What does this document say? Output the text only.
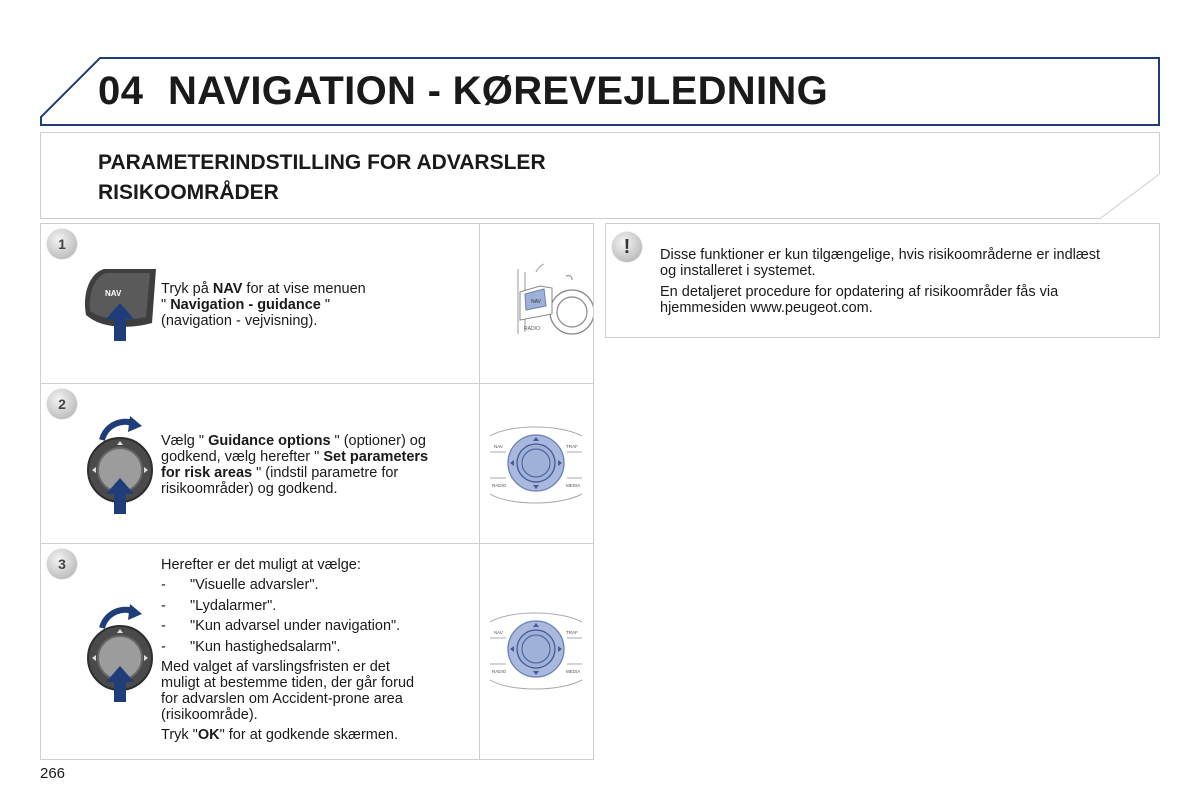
04 NAVIGATION - KØREVEJLEDNING
PARAMETERINDSTILLING FOR ADVARSLER
RISIKOOMRÅDER
NAV
RADIO
1
NAV	Tryk på NAV for at vise menuen
" Navigation - guidance "
(navigation - vejvisning).
NAV	TRAF
RADIO	MEDIA
2
Vælg " Guidance options " (optioner) og
godkend, vælg herefter " Set parameters
for risk areas " (indstil parametre for
risikoområder) og godkend.
NAV	TRAF
RADIO	MEDIA
3	Herefter er det muligt at vælge:
-	"Visuelle advarsler".
-	"Lydalarmer".
-	"Kun advarsel under navigation".
-	"Kun hastighedsalarm".
Med valget af varslingsfristen er det
muligt at bestemme tiden, der går forud
for advarslen om Accident-prone area
(risikoområde).
Tryk "OK" for at godkende skærmen.
!	Disse funktioner er kun tilgængelige, hvis risikoområderne er indlæst
og installeret i systemet.
En detaljeret procedure for opdatering af risikoområder fås via
hjemmesiden www.peugeot.com.
266
